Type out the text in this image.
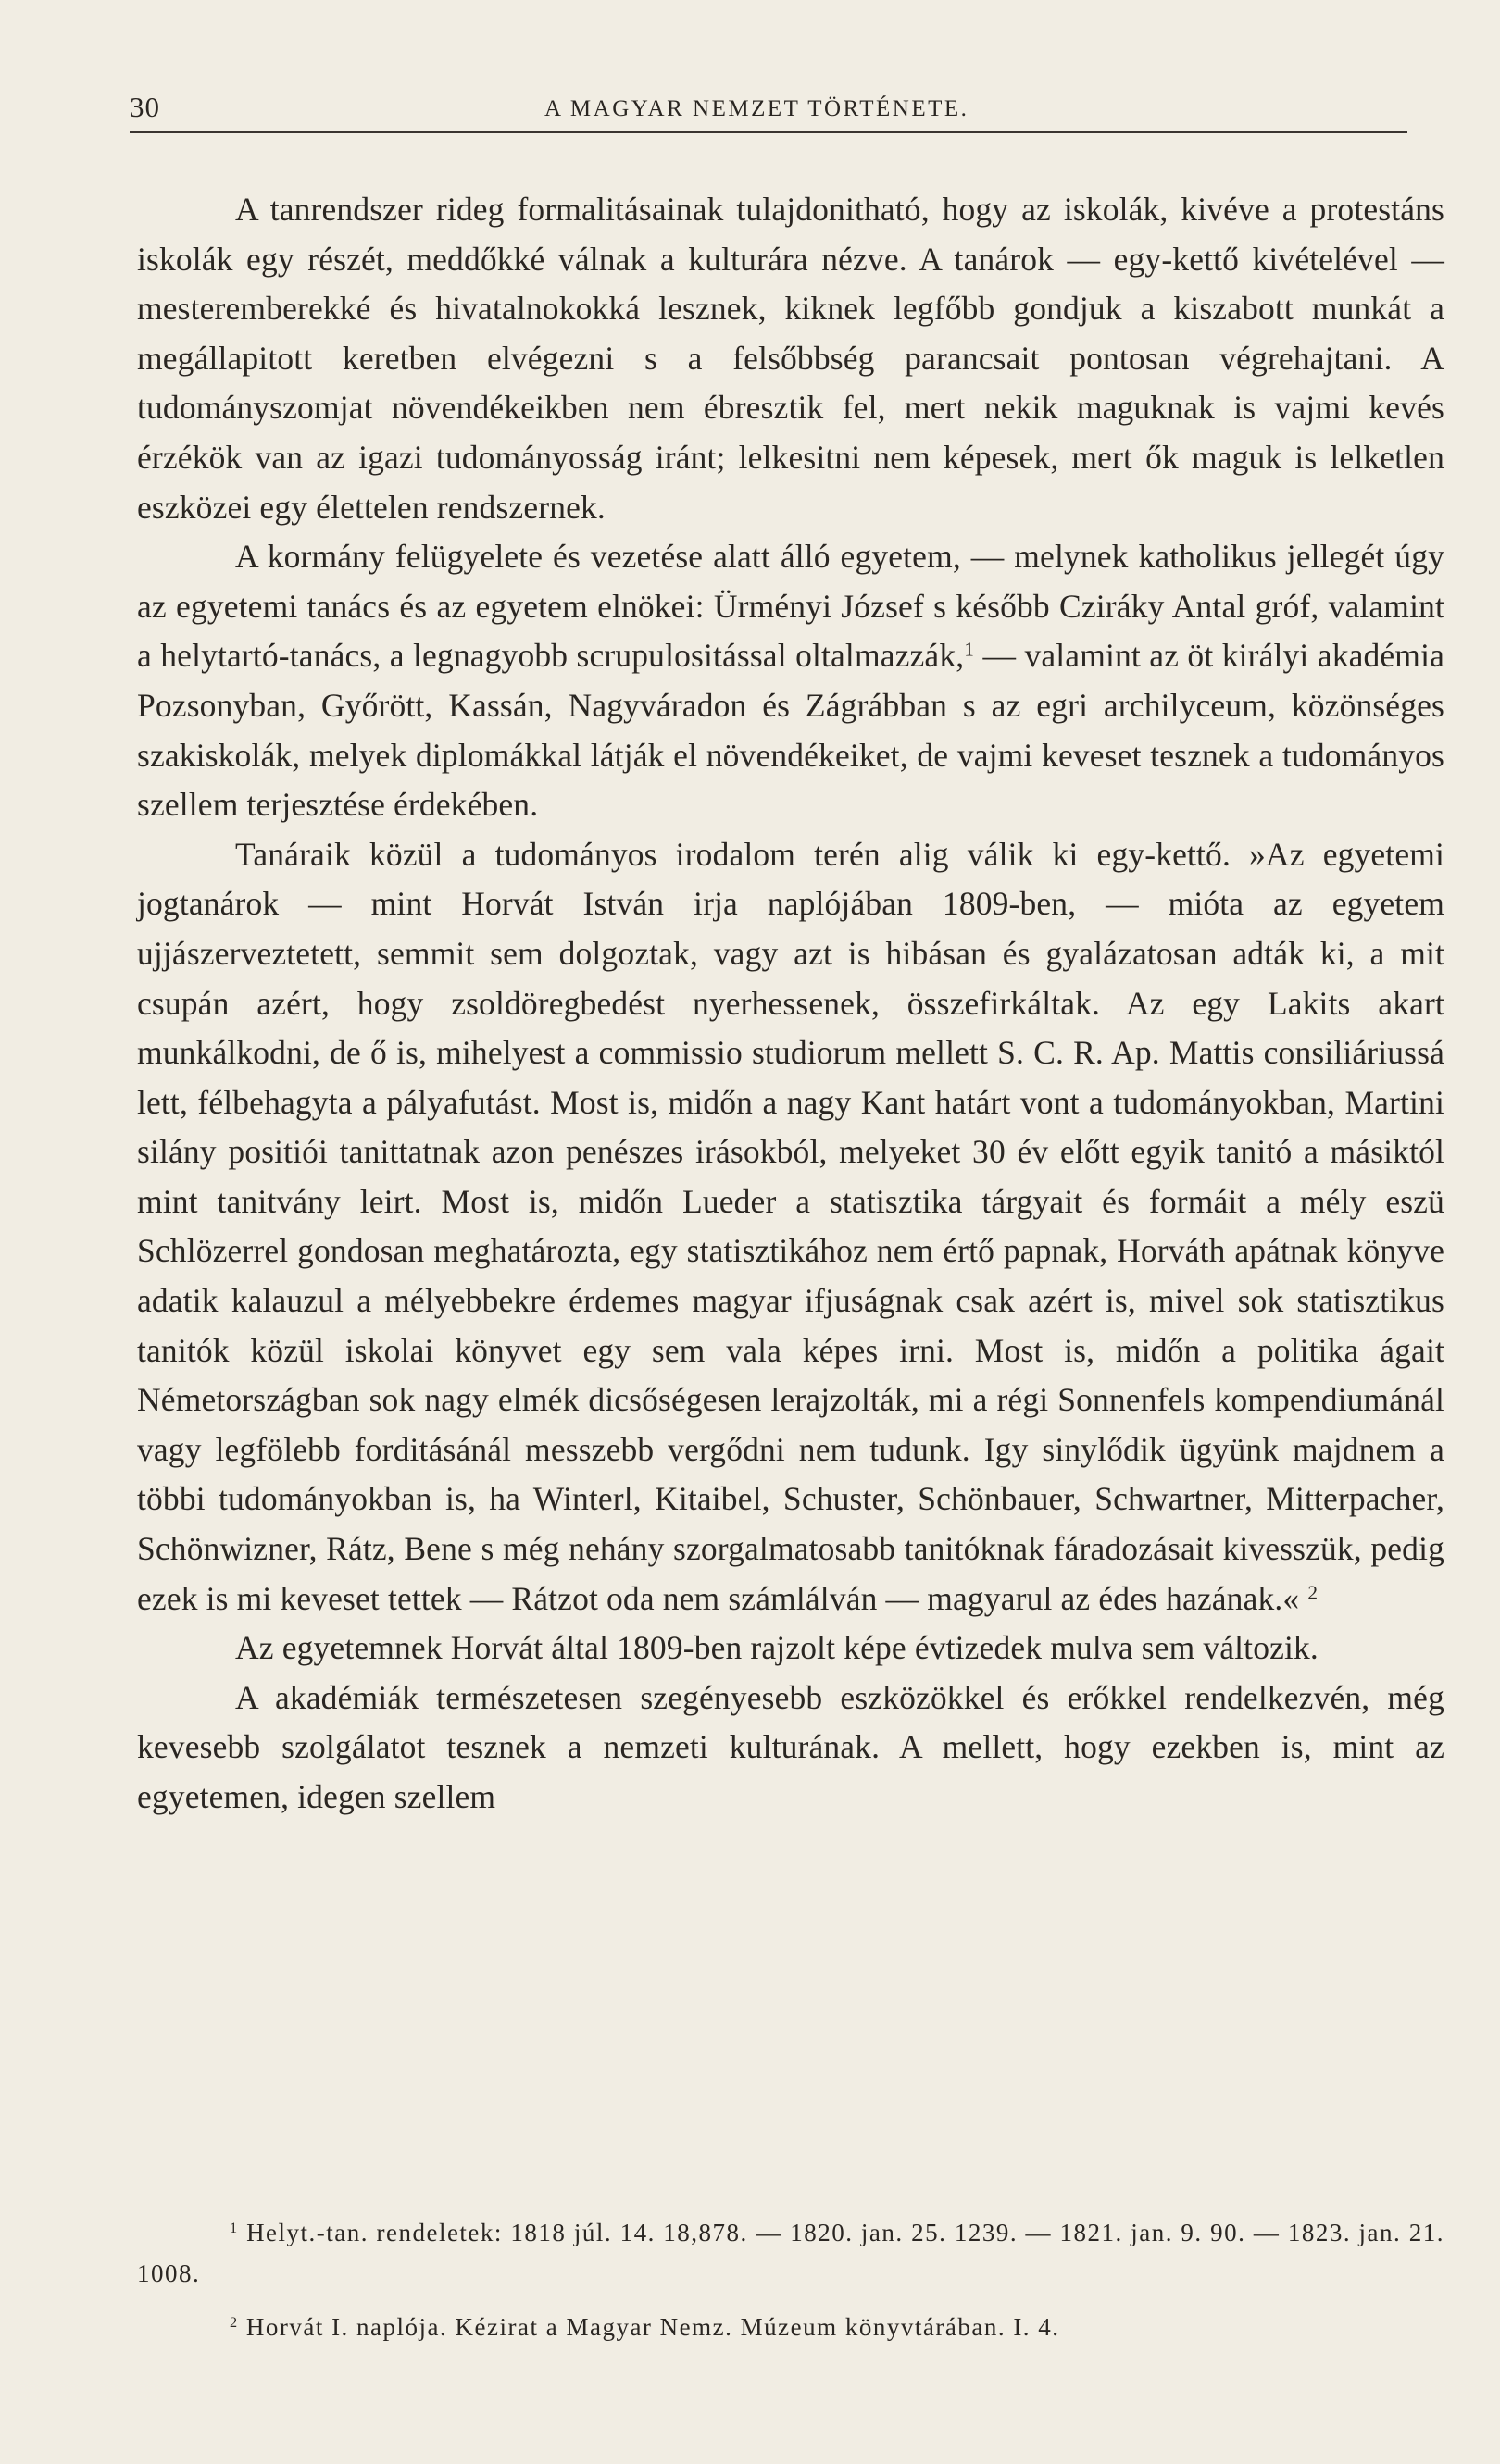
30	A MAGYAR NEMZET TÖRTÉNETE.

A tanrendszer rideg formalitásainak tulajdonitható, hogy az iskolák, kivéve a protestáns iskolák egy részét, meddőkké válnak a kulturára nézve. A tanárok — egy-kettő kivételével — mesteremberekké és hivatalnokokká lesznek, kiknek legfőbb gondjuk a kiszabott munkát a megállapitott keretben elvégezni s a felsőbbség parancsait pontosan végrehajtani. A tudományszomjat növendékeikben nem ébresztik fel, mert nekik maguknak is vajmi kevés érzékök van az igazi tudományosság iránt; lelkesitni nem képesek, mert ők maguk is lelketlen eszközei egy élettelen rendszernek.

A kormány felügyelete és vezetése alatt álló egyetem, — melynek katholikus jellegét úgy az egyetemi tanács és az egyetem elnökei: Ürményi József s később Cziráky Antal gróf, valamint a helytartó-tanács, a legnagyobb scrupulositással oltalmazzák,$^1$ — valamint az öt királyi akadémia Pozsonyban, Győrött, Kassán, Nagyváradon és Zágrábban s az egri archilyceum, közönséges szakiskolák, melyek diplomákkal látják el növendékeiket, de vajmi keveset tesznek a tudományos szellem terjesztése érdekében.

Tanáraik közül a tudományos irodalom terén alig válik ki egy-kettő. »Az egyetemi jogtanárok — mint Horvát István irja naplójában 1809-ben, — mióta az egyetem ujjászerveztetett, semmit sem dolgoztak, vagy azt is hibásan és gyalázatosan adták ki, a mit csupán azért, hogy zsoldöregbedést nyerhessenek, összefirkáltak. Az egy Lakits akart munkálkodni, de ő is, mihelyest a commissio studiorum mellett S. C. R. Ap. Mattis consiliáriussá lett, félbehagyta a pályafutást. Most is, midőn a nagy Kant határt vont a tudományokban, Martini silány positiói tanittatnak azon penészes irásokból, melyeket 30 év előtt egyik tanitó a másiktól mint tanitvány leirt. Most is, midőn Lueder a statisztika tárgyait és formáit a mély eszü Schlözerrel gondosan meghatározta, egy statisztikához nem értő papnak, Horváth apátnak könyve adatik kalauzul a mélyebbekre érdemes magyar ifjuságnak csak azért is, mivel sok statisztikus tanitók közül iskolai könyvet egy sem vala képes irni. Most is, midőn a politika ágait Németországban sok nagy elmék dicsőségesen lerajzolták, mi a régi Sonnenfels kompendiumánál vagy legfölebb forditásánál messzebb vergődni nem tudunk. Igy sinylődik ügyünk majdnem a többi tudományokban is, ha Winterl, Kitaibel, Schuster, Schönbauer, Schwartner, Mitterpacher, Schönwizner, Rátz, Bene s még nehány szorgalmatosabb tanitóknak fáradozásait kivesszük, pedig ezek is mi keveset tettek — Rátzot oda nem számlálván — magyarul az édes hazának.« $^2$

Az egyetemnek Horvát által 1809-ben rajzolt képe évtizedek mulva sem változik.

A akadémiák természetesen szegényesebb eszközökkel és erőkkel rendelkezvén, még kevesebb szolgálatot tesznek a nemzeti kulturának. A mellett, hogy ezekben is, mint az egyetemen, idegen szellem

$^1$ Helyt.-tan. rendeletek: 1818 júl. 14. 18,878. — 1820. jan. 25. 1239. — 1821. jan. 9. 90. — 1823. jan. 21. 1008.

$^2$ Horvát I. naplója. Kézirat a Magyar Nemz. Múzeum könyvtárában. I. 4.
